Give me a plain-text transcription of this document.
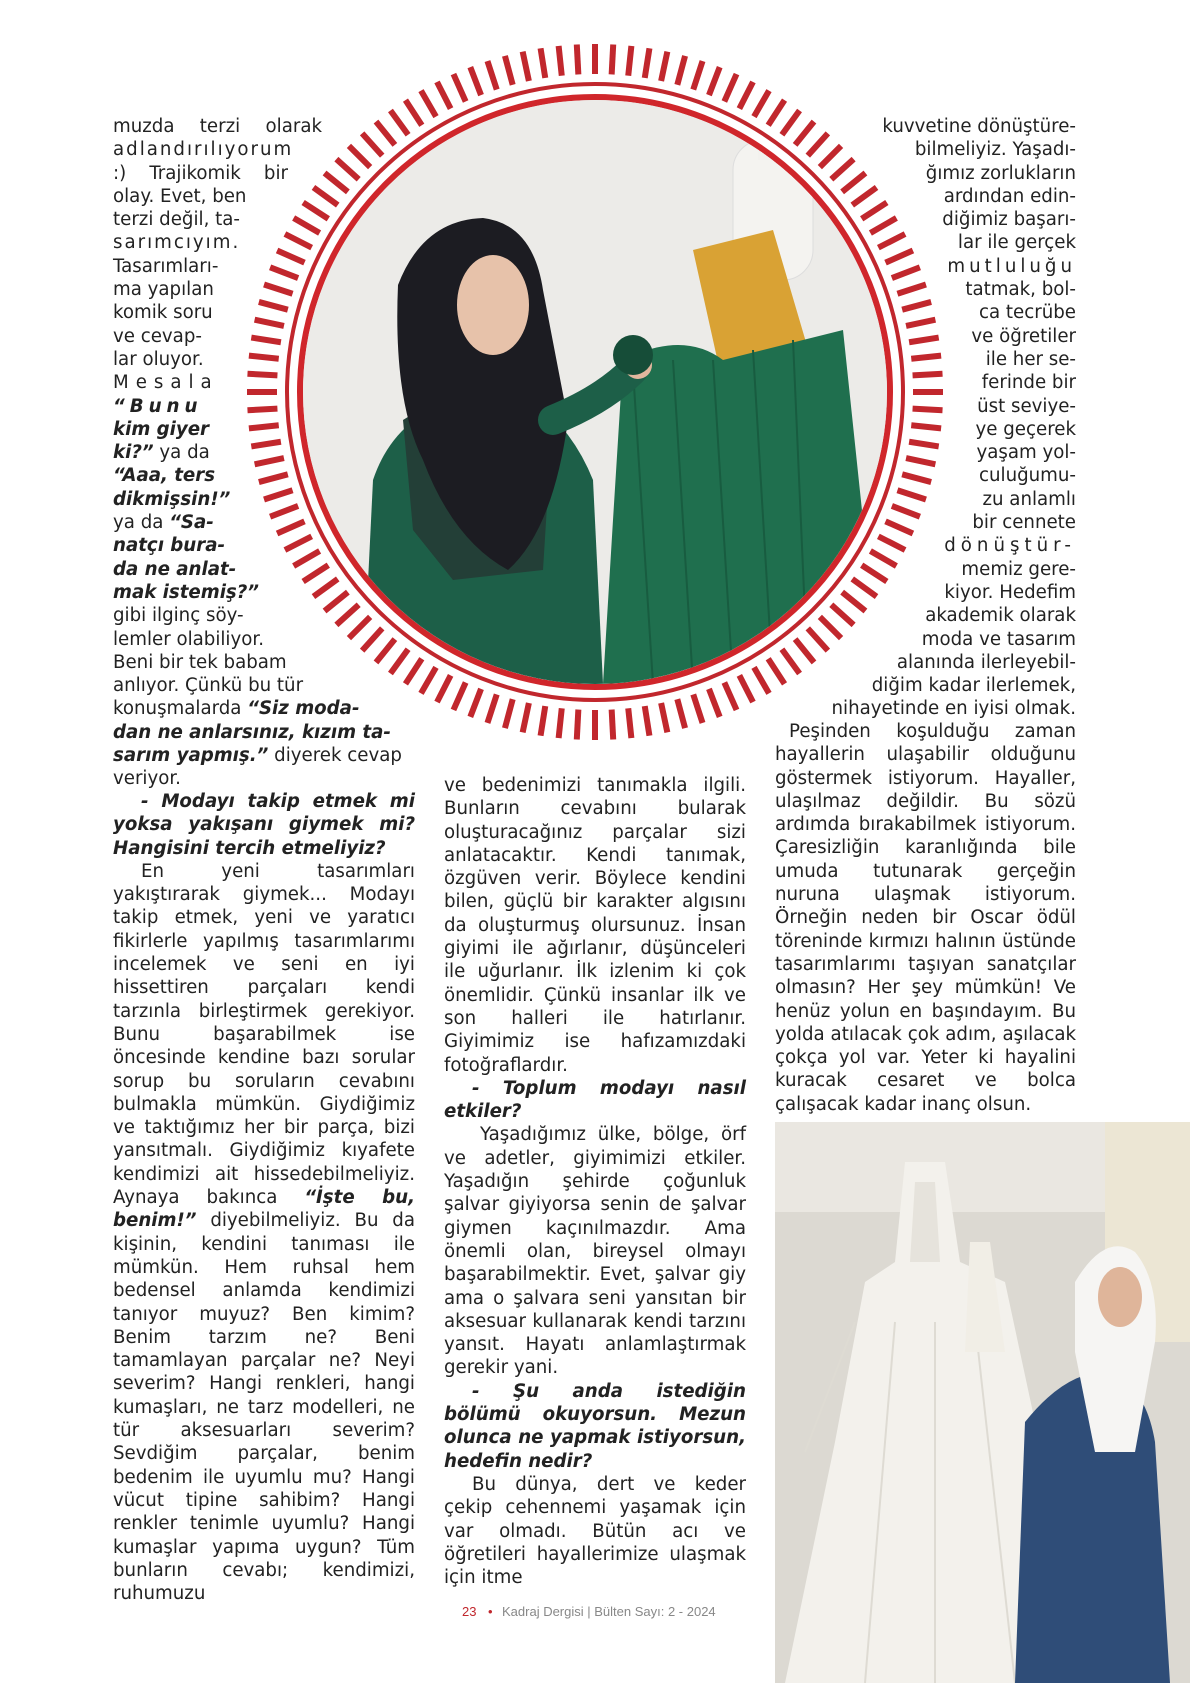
muzda terzi olarak
adlandırılıyorum
:) Trajikomik bir
olay. Evet, ben
terzi değil, ta-
sarımcıyım.
Tasarımları-
ma yapılan
komik soru
ve cevap-
lar oluyor.
Mesala
“Bunu
kim giyer
ki?” ya da
“Aaa, ters
dikmişsin!”
ya da “Sa-
natçı bura-
da ne anlat-
mak istemiş?”
gibi ilginç söy-
lemler olabiliyor.
Beni bir tek babam
anlıyor. Çünkü bu tür
konuşmalarda “Siz moda-
dan ne anlarsınız, kızım ta-
sarım yapmış.” diyerek cevap
veriyor.

- Modayı takip etmek mi yoksa yakışanı giymek mi? Hangisini tercih etmeliyiz?

En yeni tasarımları yakıştırarak giymek... Modayı takip etmek, yeni ve yaratıcı fikirlerle yapılmış tasarımlarımı incelemek ve seni en iyi hissettiren parçaları kendi tarzınla birleştirmek gerekiyor. Bunu başarabilmek ise öncesinde kendine bazı sorular sorup bu soruların cevabını bulmakla mümkün. Giydiğimiz ve taktığımız her bir parça, bizi yansıtmalı. Giydiğimiz kıyafete kendimizi ait hissedebilmeliyiz. Aynaya bakınca “İşte bu, benim!” diyebilmeliyiz. Bu da kişinin, kendini tanıması ile mümkün. Hem ruhsal hem bedensel anlamda kendimizi tanıyor muyuz? Ben kimim? Benim tarzım ne? Beni tamamlayan parçalar ne? Neyi severim? Hangi renkleri, hangi kumaşları, ne tarz modelleri, ne tür aksesuarları severim? Sevdiğim parçalar, benim bedenim ile uyumlu mu? Hangi vücut tipine sahibim? Hangi renkler tenimle uyumlu? Hangi kumaşlar yapıma uygun? Tüm bunların cevabı; kendimizi, ruhumuzu

ve bedenimizi tanımakla ilgili. Bunların cevabını bularak oluşturacağınız parçalar sizi anlatacaktır. Kendi tanımak, özgüven verir. Böylece kendini bilen, güçlü bir karakter algısını da oluşturmuş olursunuz. İnsan giyimi ile ağırlanır, düşünceleri ile uğurlanır. İlk izlenim ki çok önemlidir. Çünkü insanlar ilk ve son halleri ile hatırlanır. Giyimimiz ise hafızamızdaki fotoğraflardır.

- Toplum modayı nasıl etkiler?

Yaşadığımız ülke, bölge, örf ve adetler, giyimimizi etkiler. Yaşadığın şehirde çoğunluk şalvar giyiyorsa senin de şalvar giymen kaçınılmazdır. Ama önemli olan, bireysel olmayı başarabilmektir. Evet, şalvar giy ama o şalvara seni yansıtan bir aksesuar kullanarak kendi tarzını yansıt. Hayatı anlamlaştırmak gerekir yani.

- Şu anda istediğin bölümü okuyorsun. Mezun olunca ne yapmak istiyorsun, hedefin nedir?

Bu dünya, dert ve keder çekip cehennemi yaşamak için var olmadı. Bütün acı ve öğretileri hayallerimize ulaşmak için itme

kuvvetine dönüştüre-
bilmeliyiz. Yaşadı-
ğımız zorlukların
ardından edin-
diğimiz başarı-
lar ile gerçek
mutluluğu
tatmak, bol-
ca tecrübe
ve öğretiler
ile her se-
ferinde bir
üst seviye-
ye geçerek
yaşam yol-
culuğumu-
zu anlamlı
bir cennete
dönüştür-
memiz gere-
kiyor. Hedefim
akademik olarak
moda ve tasarım
alanında ilerleyebil-
diğim kadar ilerlemek,
nihayetinde en iyisi olmak.

Peşinden koşulduğu zaman hayallerin ulaşabilir olduğunu göstermek istiyorum. Hayaller, ulaşılmaz değildir. Bu sözü ardımda bırakabilmek istiyorum. Çaresizliğin karanlığında bile umuda tutunarak gerçeğin nuruna ulaşmak istiyorum. Örneğin neden bir Oscar ödül töreninde kırmızı halının üstünde tasarımlarımı taşıyan sanatçılar olmasın? Her şey mümkün! Ve henüz yolun en başındayım. Bu yolda atılacak çok adım, aşılacak çokça yol var. Yeter ki hayalini kuracak cesaret ve bolca çalışacak kadar inanç olsun.

23 • Kadraj Dergisi | Bülten Sayı: 2 - 2024
